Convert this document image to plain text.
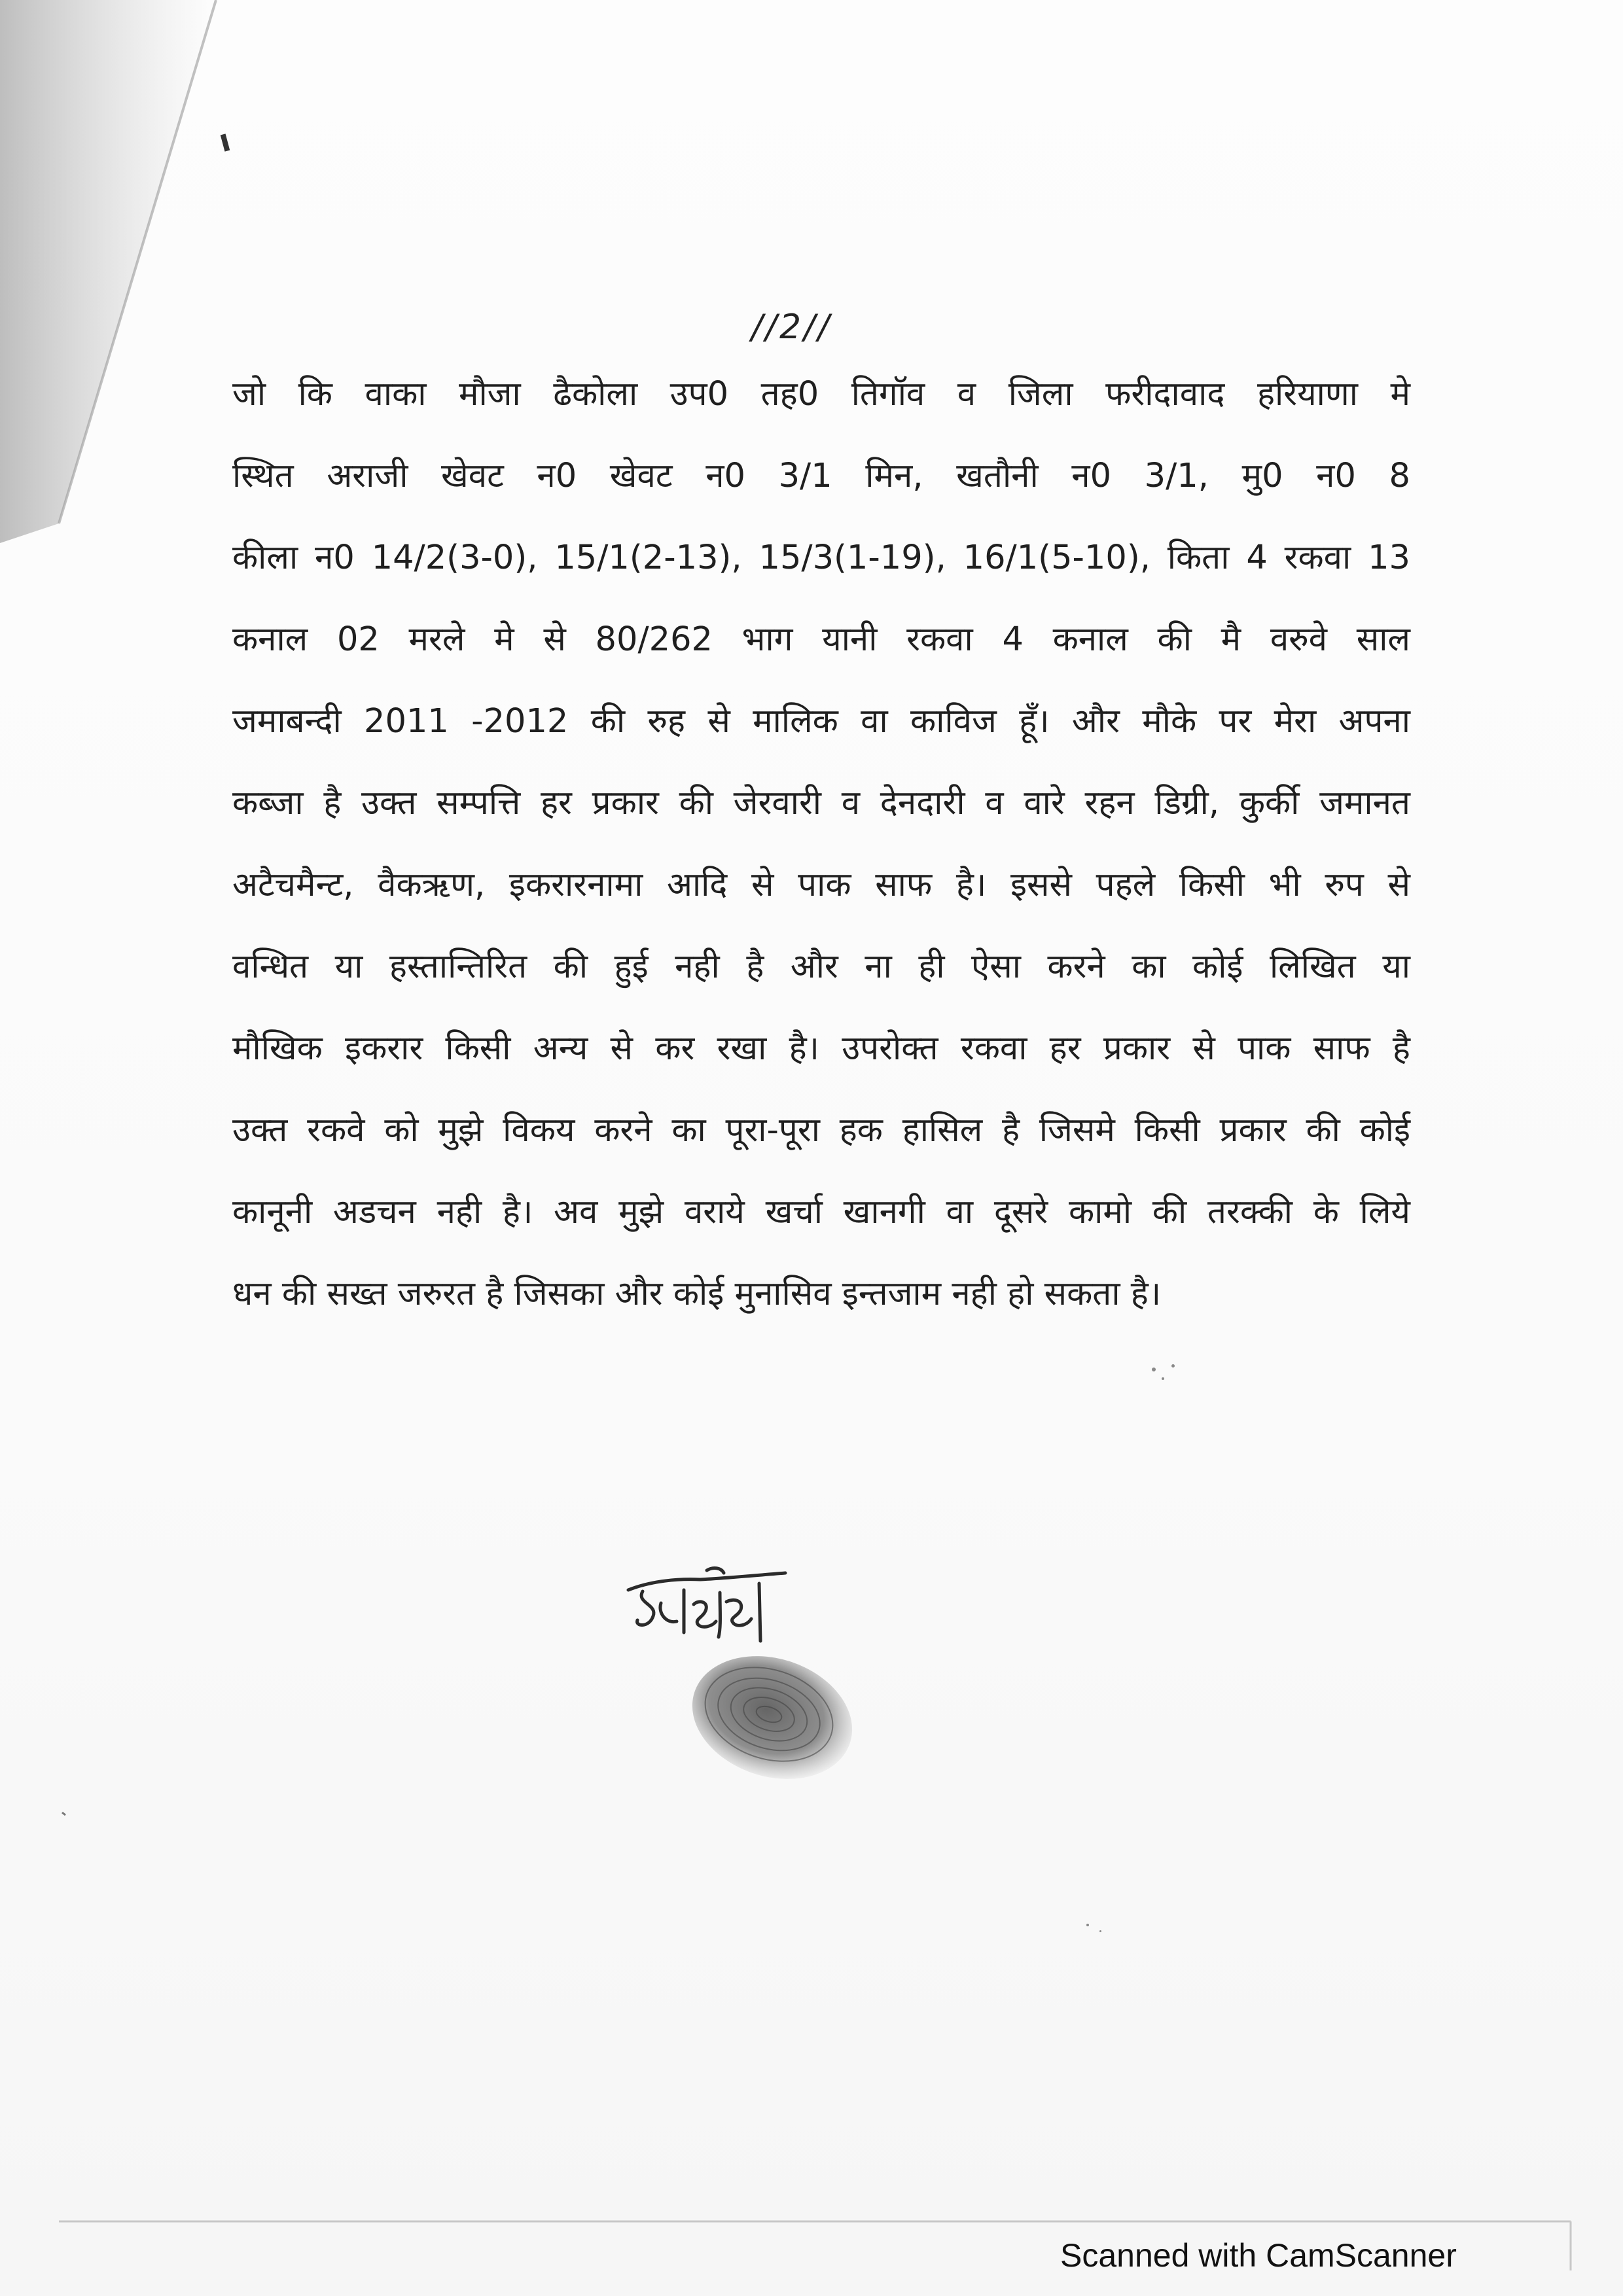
//2//
जो कि वाका मौजा ढैकोला उप0 तह0 तिगॉव व जिला फरीदावाद हरियाणा मे
स्थित अराजी खेवट न0 खेवट न0 3/1 मिन, खतौनी न0 3/1, मु0 न0 8
कीला न0 14/2(3-0), 15/1(2-13), 15/3(1-19), 16/1(5-10), किता 4 रकवा 13
कनाल 02 मरले मे से 80/262 भाग यानी रकवा 4 कनाल की मै वरुवे साल
जमाबन्दी 2011 -2012 की रुह से मालिक वा काविज हूँ। और मौके पर मेरा अपना
कब्जा है उक्त सम्पत्ति हर प्रकार की जेरवारी व देनदारी व वारे रहन डिग्री, कुर्की जमानत
अटैचमैन्ट, वैकऋण, इकरारनामा आदि से पाक साफ है। इससे पहले किसी भी रुप से
वन्धित या हस्तान्तिरित की हुई नही है और ना ही ऐसा करने का कोई लिखित या
मौखिक इकरार किसी अन्य से कर रखा है। उपरोक्त रकवा हर प्रकार से पाक साफ है
उक्त रकवे को मुझे विकय करने का पूरा-पूरा हक हासिल है जिसमे किसी प्रकार की कोई
कानूनी अडचन नही है। अव मुझे वराये खर्चा खानगी वा दूसरे कामो की तरक्की के लिये
धन की सख्त जरुरत है जिसका और कोई मुनासिव इन्तजाम नही हो सकता है।
Scanned with CamScanner
